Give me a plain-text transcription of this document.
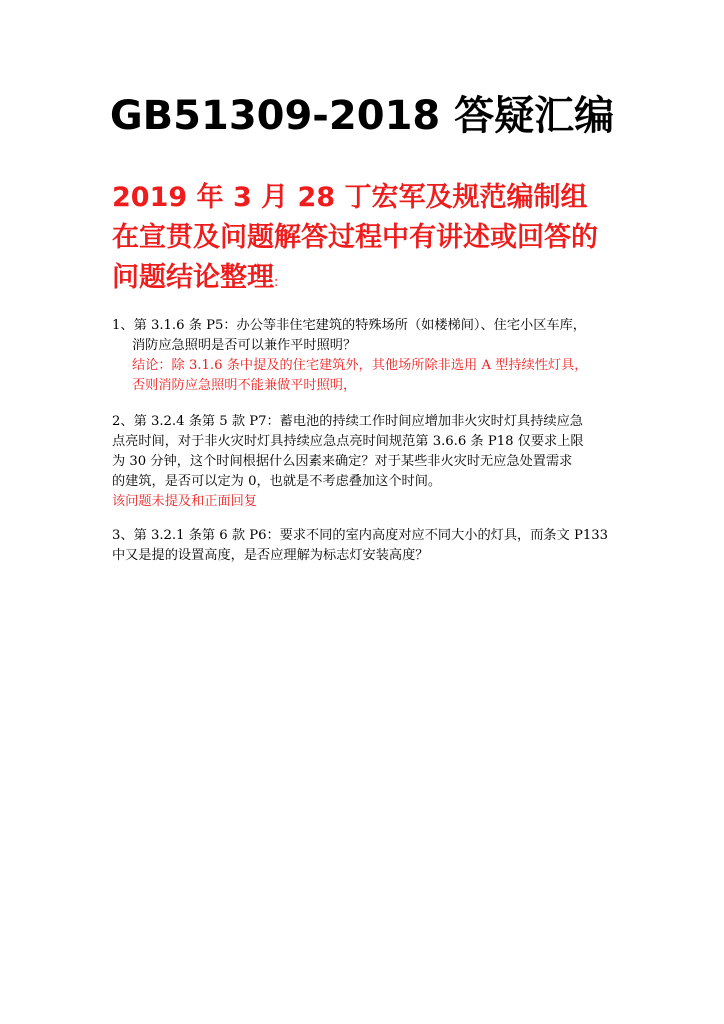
GB51309-2018 答疑汇编
2019 年 3 月 28 丁宏军及规范编制组在宣贯及问题解答过程中有讲述或回答的问题结论整理:

1、第 3.1.6 条 P5：办公等非住宅建筑的特殊场所（如楼梯间）、住宅小区车库，

消防应急照明是否可以兼作平时照明？

结论：除 3.1.6 条中提及的住宅建筑外，其他场所除非选用 A 型持续性灯具，

否则消防应急照明不能兼做平时照明，

2、第 3.2.4 条第 5 款 P7：蓄电池的持续工作时间应增加非火灾时灯具持续应急

点亮时间，对于非火灾时灯具持续应急点亮时间规范第 3.6.6 条 P18 仅要求上限

为 30 分钟，这个时间根据什么因素来确定？对于某些非火灾时无应急处置需求

的建筑，是否可以定为 0，也就是不考虑叠加这个时间。

该问题未提及和正面回复

3、第 3.2.1 条第 6 款 P6：要求不同的室内高度对应不同大小的灯具，而条文 P133

中又是提的设置高度，是否应理解为标志灯安装高度？
